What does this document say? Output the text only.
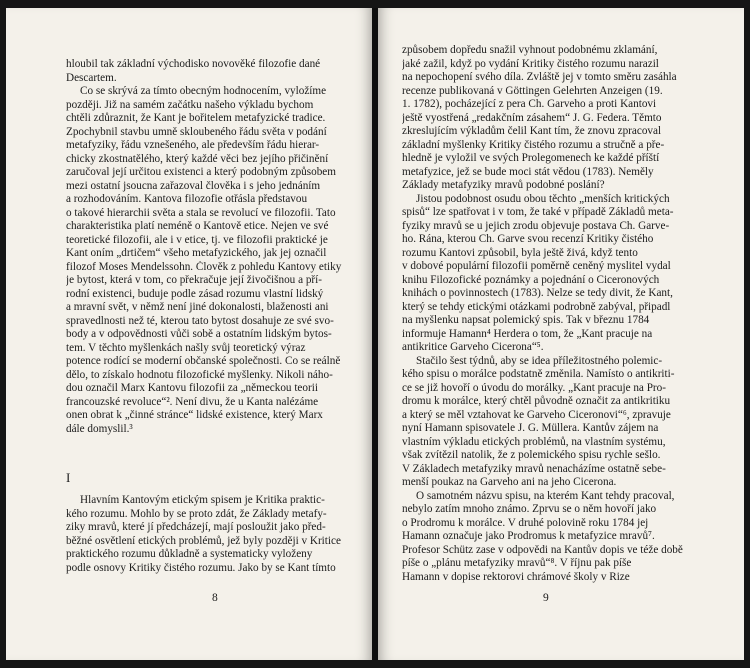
hloubil tak základní východisko novověké filozofie dané
Descartem.
Co se skrývá za tímto obecným hodnocením, vyložíme
později. Již na samém začátku našeho výkladu bychom
chtěli zdůraznit, že Kant je bořitelem metafyzické tradice.
Zpochybnil stavbu umně skloubeného řádu světa v podání
metafyziky, řádu vznešeného, ale především řádu hierar-
chicky zkostnatělého, který každé věci bez jejího přičinění
zaručoval její určitou existenci a který podobným způsobem
mezi ostatní jsoucna zařazoval člověka i s jeho jednáním
a rozhodováním. Kantova filozofie otřásla představou
o takové hierarchii světa a stala se revolucí ve filozofii. Tato
charakteristika platí neméně o Kantově etice. Nejen ve své
teoretické filozofii, ale i v etice, tj. ve filozofii praktické je
Kant oním „drtičem“ všeho metafyzického, jak jej označil
filozof Moses Mendelssohn. Člověk z pohledu Kantovy etiky
je bytost, která v tom, co překračuje její živočišnou a pří-
rodní existenci, buduje podle zásad rozumu vlastní lidský
a mravní svět, v němž není jiné dokonalosti, blaženosti ani
spravedlnosti než té, kterou tato bytost dosahuje ze své svo-
body a v odpovědnosti vůči sobě a ostatním lidským bytos-
tem. V těchto myšlenkách našly svůj teoretický výraz
potence rodící se moderní občanské společnosti. Co se reálně
dělo, to získalo hodnotu filozofické myšlenky. Nikoli náho-
dou označil Marx Kantovu filozofii za „německou teorii
francouzské revoluce“². Není divu, že u Kanta nalézáme
onen obrat k „činné stránce“ lidské existence, který Marx
dále domyslil.³
I
Hlavním Kantovým etickým spisem je Kritika praktic-
kého rozumu. Mohlo by se proto zdát, že Základy metafy-
ziky mravů, které jí předcházejí, mají posloužit jako před-
běžné osvětlení etických problémů, jež byly později v Kritice
praktického rozumu důkladně a systematicky vyloženy
podle osnovy Kritiky čistého rozumu. Jako by se Kant tímto
8
způsobem dopředu snažil vyhnout podobnému zklamání,
jaké zažil, když po vydání Kritiky čistého rozumu narazil
na nepochopení svého díla. Zvláště jej v tomto směru zasáhla
recenze publikovaná v Göttingen Gelehrten Anzeigen (19.
1. 1782), pocházející z pera Ch. Garveho a proti Kantovi
ještě vyostřená „redakčním zásahem“ J. G. Federa. Těmto
zkreslujícím výkladům čelil Kant tím, že znovu zpracoval
základní myšlenky Kritiky čistého rozumu a stručně a pře-
hledně je vyložil ve svých Prolegomenech ke každé příští
metafyzice, jež se bude moci stát vědou (1783). Neměly
Základy metafyziky mravů podobné poslání?
Jistou podobnost osudu obou těchto „menších kritických
spisů“ lze spatřovat i v tom, že také v případě Základů meta-
fyziky mravů se u jejich zrodu objevuje postava Ch. Garve-
ho. Rána, kterou Ch. Garve svou recenzí Kritiky čistého
rozumu Kantovi způsobil, byla ještě živá, když tento
v dobové populární filozofii poměrně ceněný myslitel vydal
knihu Filozofické poznámky a pojednání o Ciceronových
knihách o povinnostech (1783). Nelze se tedy divit, že Kant,
který se tehdy etickými otázkami podrobně zabýval, připadl
na myšlenku napsat polemický spis. Tak v březnu 1784
informuje Hamann⁴ Herdera o tom, že „Kant pracuje na
antikritice Garveho Cicerona“⁵.
Stačilo šest týdnů, aby se idea příležitostného polemic-
kého spisu o morálce podstatně změnila. Namísto o antikriti-
ce se již hovoří o úvodu do morálky. „Kant pracuje na Pro-
dromu k morálce, který chtěl původně označit za antikritiku
a který se měl vztahovat ke Garveho Ciceronovi“⁶, zpravuje
nyní Hamann spisovatele J. G. Müllera. Kantův zájem na
vlastním výkladu etických problémů, na vlastním systému,
však zvítězil natolik, že z polemického spisu rychle sešlo.
V Základech metafyziky mravů nenacházíme ostatně sebe-
menší poukaz na Garveho ani na jeho Cicerona.
O samotném názvu spisu, na kterém Kant tehdy pracoval,
nebylo zatím mnoho známo. Zprvu se o něm hovoří jako
o Prodromu k morálce. V druhé polovině roku 1784 jej
Hamann označuje jako Prodromus k metafyzice mravů⁷.
Profesor Schütz zase v odpovědi na Kantův dopis ve téže době
píše o „plánu metafyziky mravů“⁸. V říjnu pak píše
Hamann v dopise rektorovi chrámové školy v Rize
9
